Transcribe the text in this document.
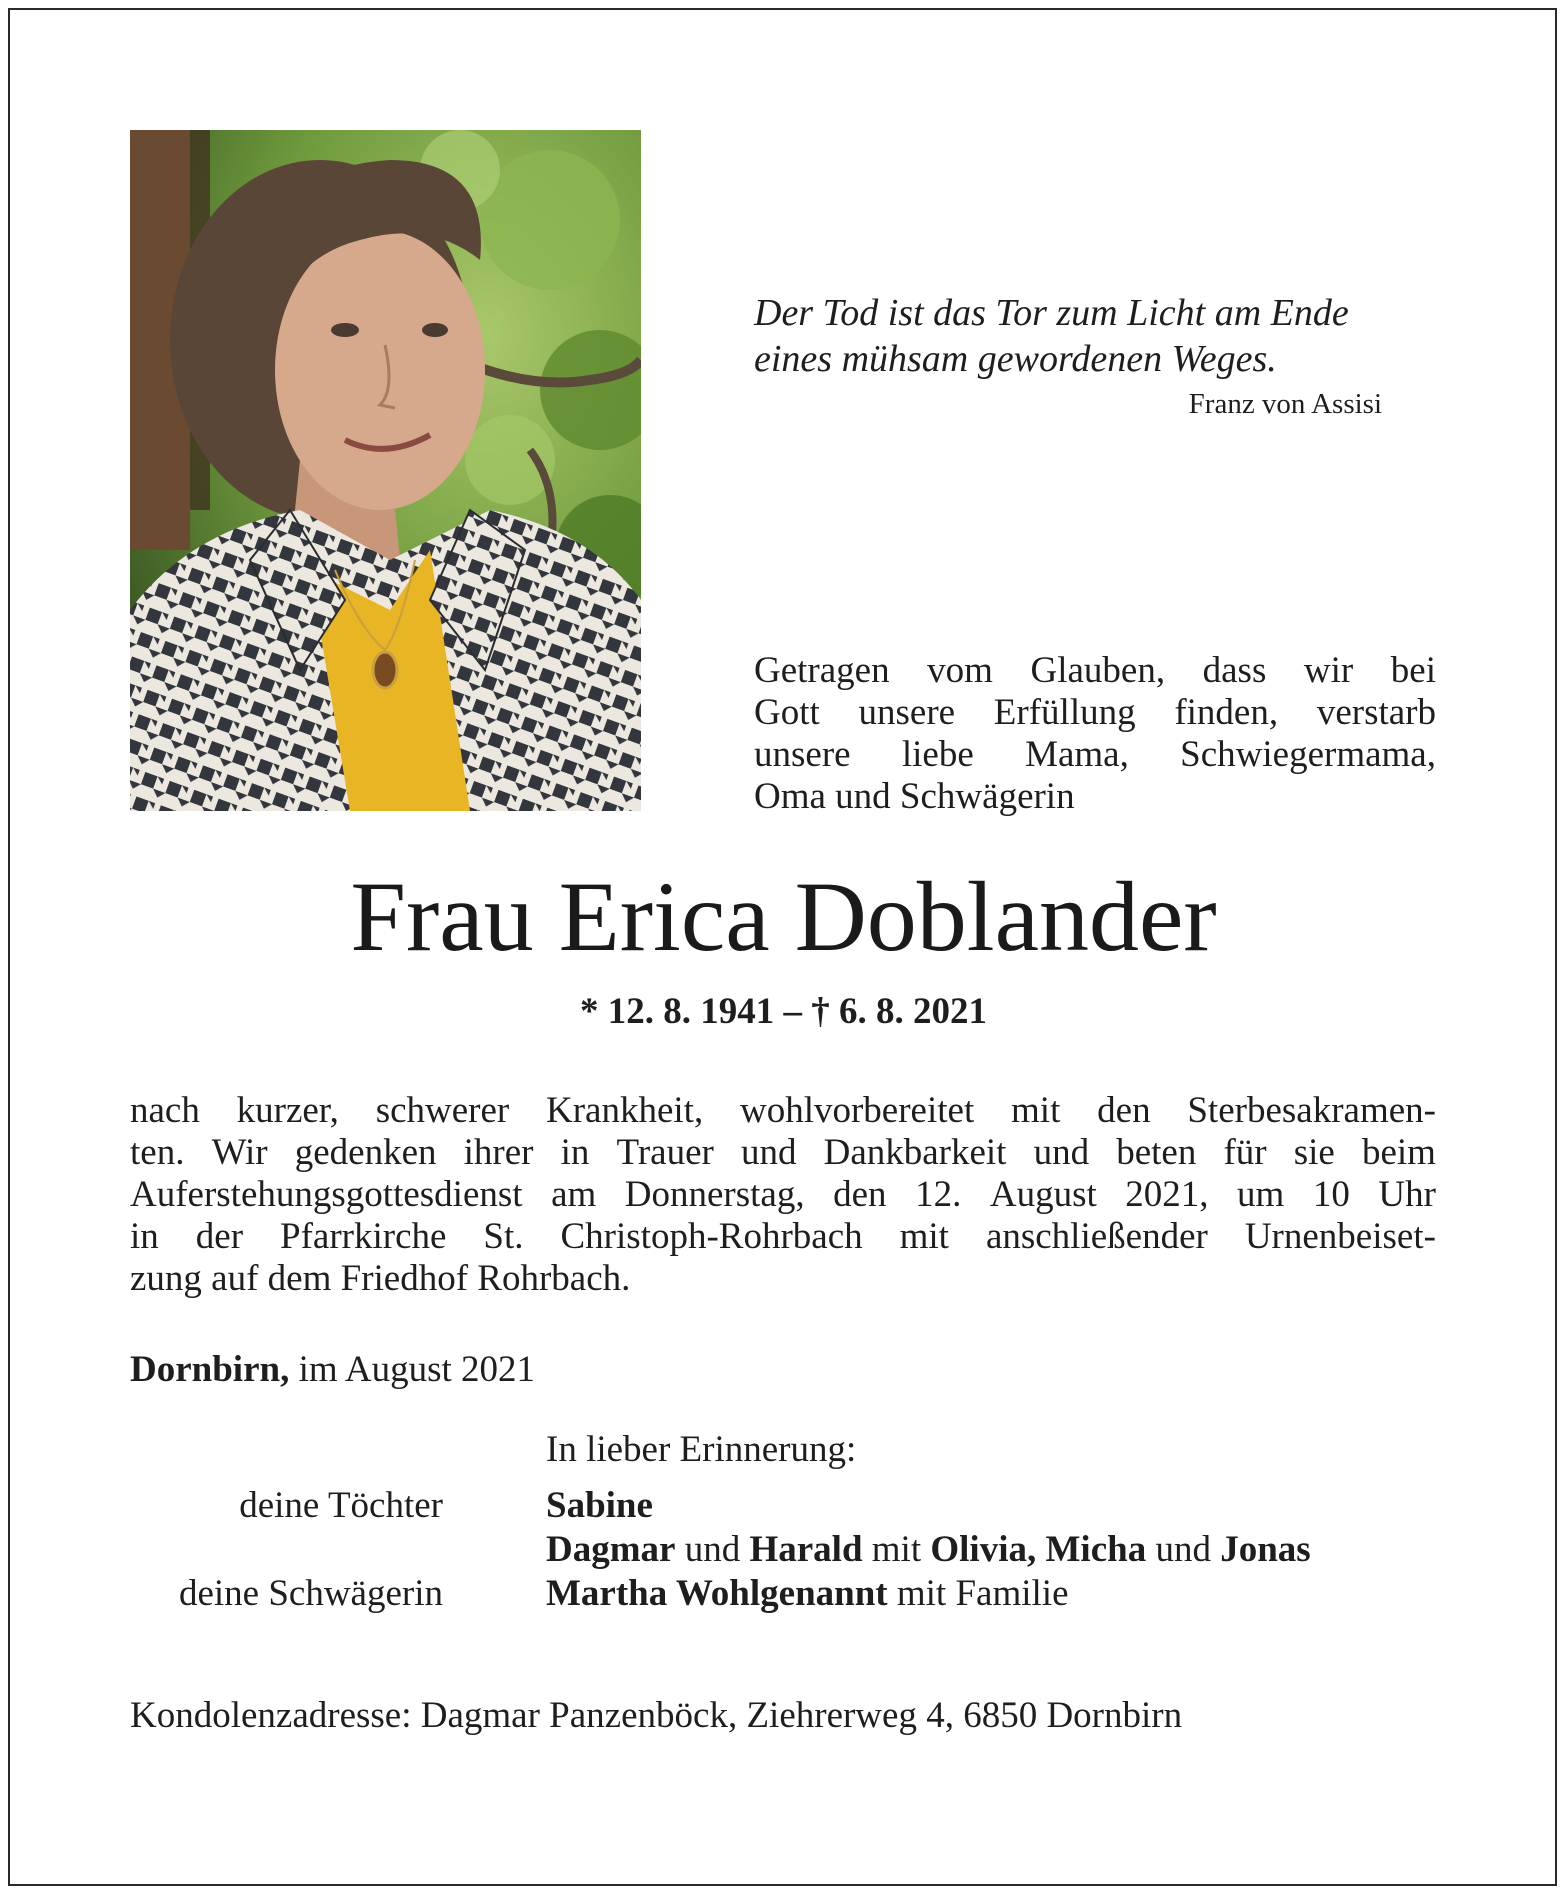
Der Tod ist das Tor zum Licht am Ende
eines mühsam gewordenen Weges.
Franz von Assisi
Getragen vom Glauben, dass wir bei
Gott unsere Erfüllung finden, verstarb
unsere liebe Mama, Schwiegermama,
Oma und Schwägerin
Frau Erica Doblander
* 12. 8. 1941 – † 6. 8. 2021
nach kurzer, schwerer Krankheit, wohlvorbereitet mit den Sterbesakramen-
ten. Wir gedenken ihrer in Trauer und Dankbarkeit und beten für sie beim
Auferstehungsgottesdienst am Donnerstag, den 12. August 2021, um 10 Uhr
in der Pfarrkirche St. Christoph-Rohrbach mit anschließender Urnenbeiset-
zung auf dem Friedhof Rohrbach.
Dornbirn, im August 2021
In lieber Erinnerung:
deine Töchter	Sabine
Dagmar und Harald mit Olivia, Micha und Jonas
deine Schwägerin	Martha Wohlgenannt mit Familie
Kondolenzadresse: Dagmar Panzenböck, Ziehrerweg 4, 6850 Dornbirn
